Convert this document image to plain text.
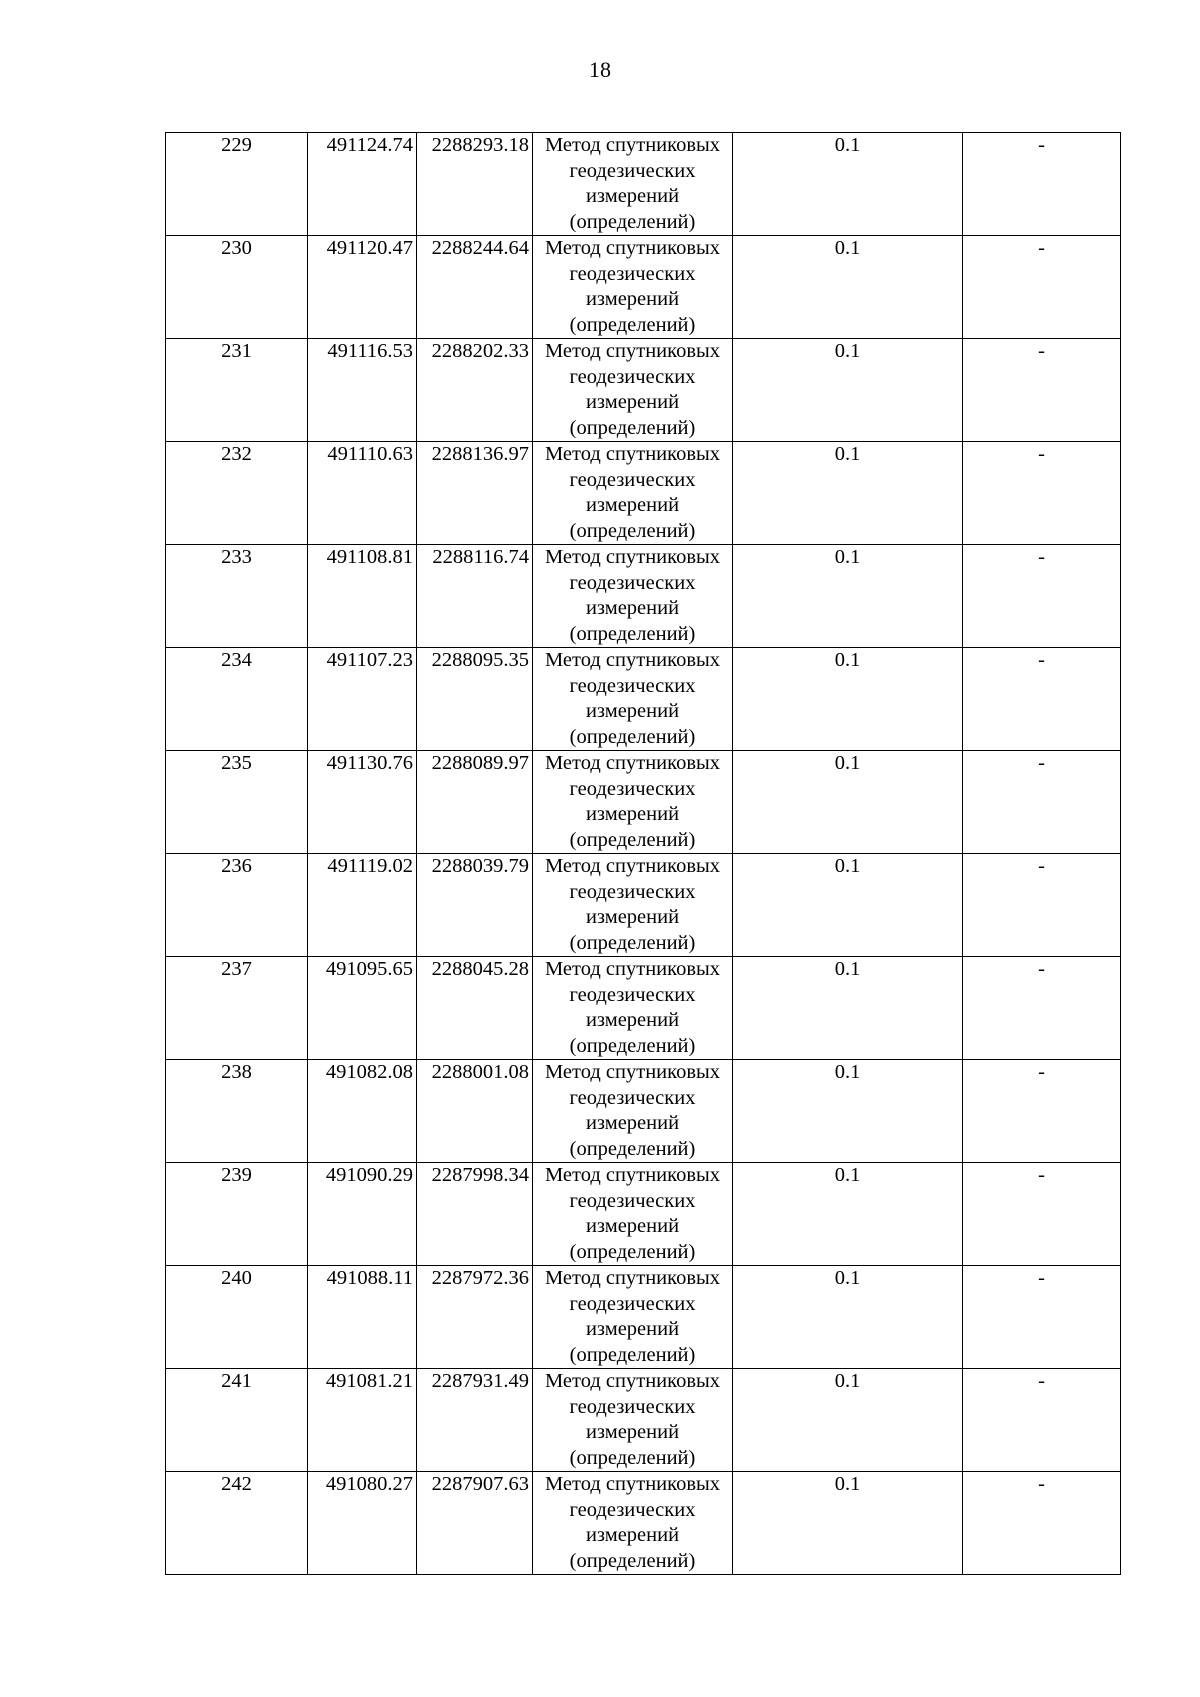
18
229	491124.74	2288293.18	Метод спутниковых геодезических измерений (определений)	0.1	-
230	491120.47	2288244.64	Метод спутниковых геодезических измерений (определений)	0.1	-
231	491116.53	2288202.33	Метод спутниковых геодезических измерений (определений)	0.1	-
232	491110.63	2288136.97	Метод спутниковых геодезических измерений (определений)	0.1	-
233	491108.81	2288116.74	Метод спутниковых геодезических измерений (определений)	0.1	-
234	491107.23	2288095.35	Метод спутниковых геодезических измерений (определений)	0.1	-
235	491130.76	2288089.97	Метод спутниковых геодезических измерений (определений)	0.1	-
236	491119.02	2288039.79	Метод спутниковых геодезических измерений (определений)	0.1	-
237	491095.65	2288045.28	Метод спутниковых геодезических измерений (определений)	0.1	-
238	491082.08	2288001.08	Метод спутниковых геодезических измерений (определений)	0.1	-
239	491090.29	2287998.34	Метод спутниковых геодезических измерений (определений)	0.1	-
240	491088.11	2287972.36	Метод спутниковых геодезических измерений (определений)	0.1	-
241	491081.21	2287931.49	Метод спутниковых геодезических измерений (определений)	0.1	-
242	491080.27	2287907.63	Метод спутниковых геодезических измерений (определений)	0.1	-
